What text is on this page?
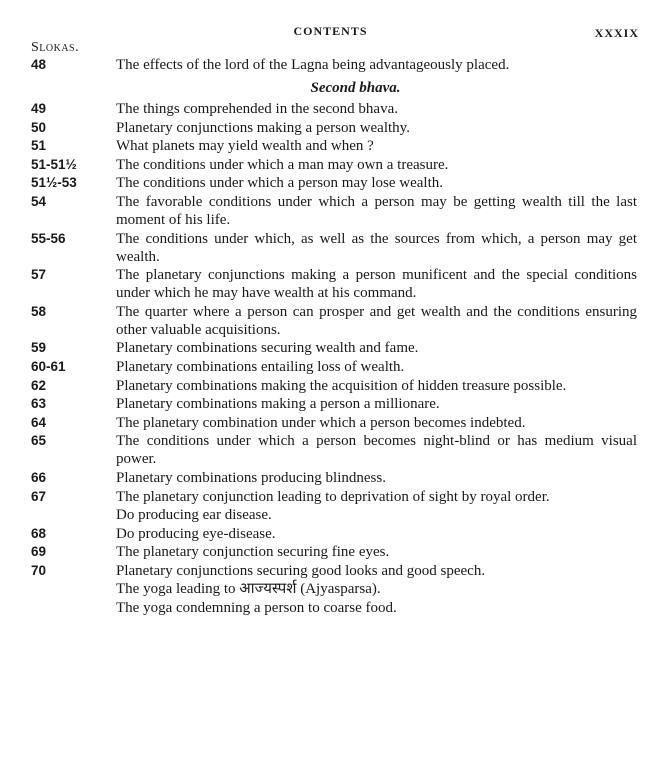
CONTENTS	XXXIX
Slokas.
48	The effects of the lord of the Lagna being advantageously placed.
Second bhava.
49	The things comprehended in the second bhava.
50	Planetary conjunctions making a person wealthy.
51	What planets may yield wealth and when ?
51-51½	The conditions under which a man may own a treasure.
51½-53	The conditions under which a person may lose wealth.
54	The favorable conditions under which a person may be getting wealth till the last moment of his life.
55-56	The conditions under which, as well as the sources from which, a person may get wealth.
57	The planetary conjunctions making a person munificent and the special conditions under which he may have wealth at his command.
58	The quarter where a person can prosper and get wealth and the conditions ensuring other valuable acquisitions.
59	Planetary combinations securing wealth and fame.
60-61	Planetary combinations entailing loss of wealth.
62	Planetary combinations making the acquisition of hidden treasure possible.
63	Planetary combinations making a person a millionare.
64	The planetary combination under which a person becomes indebted.
65	The conditions under which a person becomes night-blind or has medium visual power.
66	Planetary combinations producing blindness.
67	The planetary conjunction leading to deprivation of sight by royal order.
Do producing ear disease.
68	Do producing eye-disease.
69	The planetary conjunction securing fine eyes.
70	Planetary conjunctions securing good looks and good speech.
The yoga leading to आज्यस्पर्श (Ajyasparsa).
The yoga condemning a person to coarse food.
